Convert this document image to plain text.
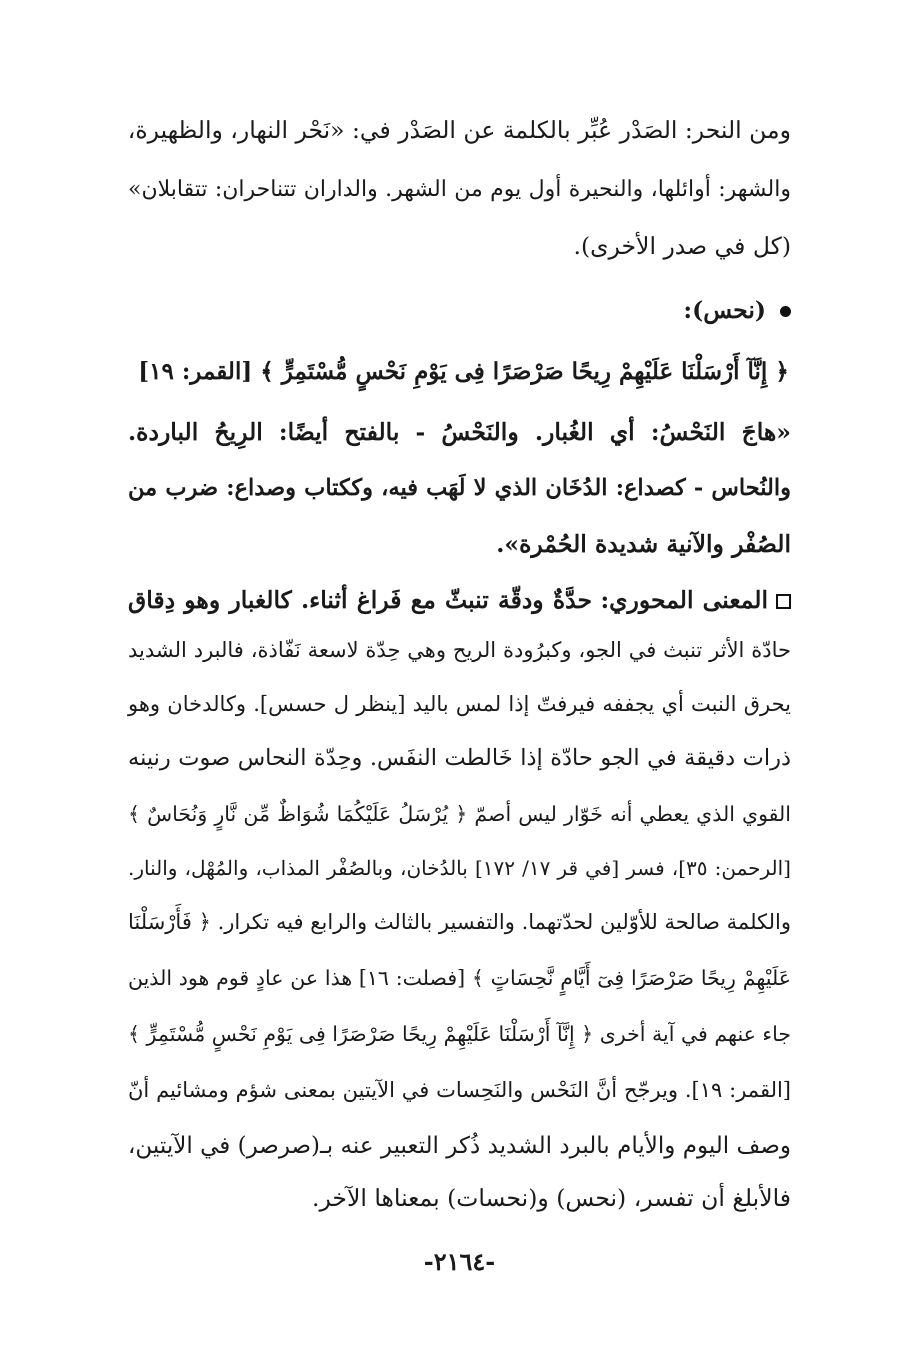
ومن النحر: الصَدْر عُبِّر بالكلمة عن الصَدْر في: «نَحْر النهار، والظهيرة،
والشهر: أوائلها، والنحيرة أول يوم من الشهر. والداران تتناحران: تتقابلان»
(كل في صدر الأخرى).
(نحس):
﴿ إِنَّآ أَرْسَلْنَا عَلَيْهِمْ رِيحًا صَرْصَرًا فِى يَوْمِ نَحْسٍ مُّسْتَمِرٍّ ﴾ [القمر: ١٩]
«هاجَ النَحْسُ: أي الغُبار. والنَحْسُ - بالفتح أيضًا: الرِيحُ الباردة.
والنُحاس - كصداع: الدُخَان الذي لا لَهَب فيه، وككتاب وصداع: ضرب من
الصُفْر والآنية شديدة الحُمْرة».
المعنى المحوري: حدَّةٌ ودقّة تنبثّ مع فَراغ أثناء. كالغبار وهو دِقاق
حادّة الأثر تنبث في الجو، وكبرُودة الريح وهي حِدّة لاسعة نَفّاذة، فالبرد الشديد
يحرق النبت أي يجففه فيرفتّ إذا لمس باليد [ينظر ل حسس]. وكالدخان وهو
ذرات دقيقة في الجو حادّة إذا خَالطت النفَس. وحِدّة النحاس صوت رنينه
القوي الذي يعطي أنه خَوّار ليس أصمّ ﴿ يُرْسَلُ عَلَيْكُمَا شُوَاظٌ مِّن نَّارٍ وَنُحَاسٌ ﴾
[الرحمن: ٣٥]، فسر [في قر ١٧/ ١٧٢] بالدُخان، وبالصُفْر المذاب، والمُهْل، والنار.
والكلمة صالحة للأوّلين لحدّتهما. والتفسير بالثالث والرابع فيه تكرار. ﴿ فَأَرْسَلْنَا
عَلَيْهِمْ رِيحًا صَرْصَرًا فِىٓ أَيَّامٍ نَّحِسَاتٍ ﴾ [فصلت: ١٦] هذا عن عادٍ قوم هود الذين
جاء عنهم في آية أخرى ﴿ إِنَّآ أَرْسَلْنَا عَلَيْهِمْ رِيحًا صَرْصَرًا فِى يَوْمِ نَحْسٍ مُّسْتَمِرٍّ ﴾
[القمر: ١٩]. ويرجّح أنَّ النَحْس والنَحِسات في الآيتين بمعنى شؤم ومشائيم أنّ
وصف اليوم والأيام بالبرد الشديد ذُكر التعبير عنه بـ(صرصر) في الآيتين،
فالأبلغ أن تفسر، (نحس) و(نحسات) بمعناها الآخر.
-٢١٦٤-
